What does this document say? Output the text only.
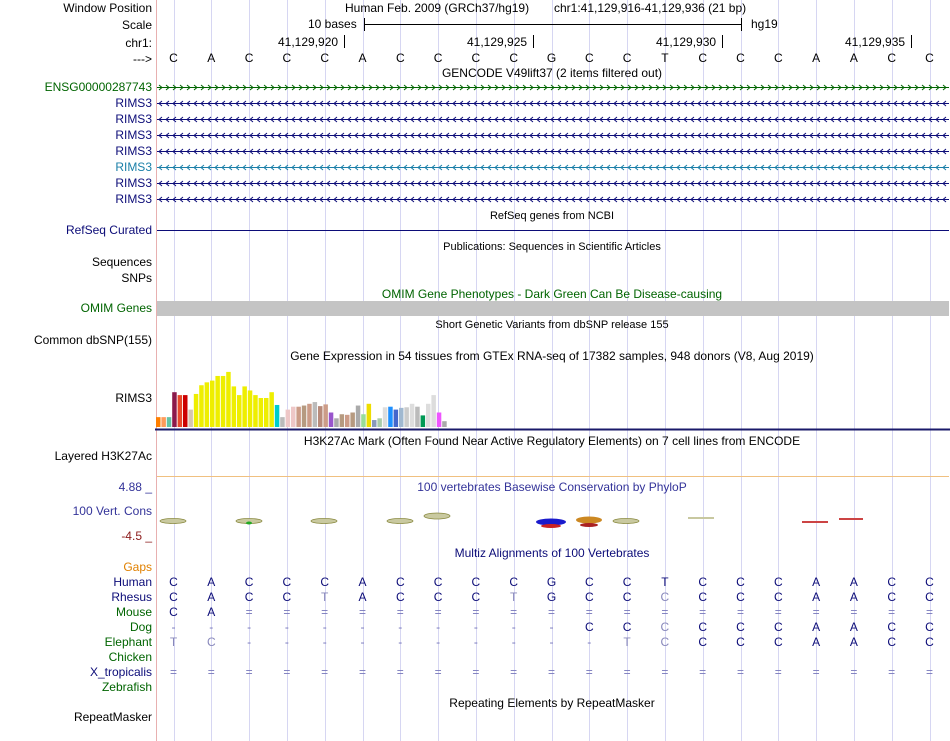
Window Position	Human Feb. 2009 (GRCh37/hg19) chr1:41,129,916-41,129,936 (21 bp)
Scale	10 bases	hg19
chr1:	41,129,920	41,129,925	41,129,930	41,129,935
--->	C	A	C	C	C	A	C	C	C	C	G	C	C	T	C	C	C	A	A	C	C
GENCODE V49lift37 (2 items filtered out)
ENSG00000287743
RIMS3
RIMS3
RIMS3
RIMS3
RIMS3
RIMS3
RIMS3
RefSeq genes from NCBI
RefSeq Curated
Publications: Sequences in Scientific Articles
Sequences
SNPs
OMIM Gene Phenotypes - Dark Green Can Be Disease-causing
OMIM Genes
Short Genetic Variants from dbSNP release 155
Common dbSNP(155)
Gene Expression in 54 tissues from GTEx RNA-seq of 17382 samples, 948 donors (V8, Aug 2019)
RIMS3
H3K27Ac Mark (Often Found Near Active Regulatory Elements) on 7 cell lines from ENCODE
Layered H3K27Ac
100 vertebrates Basewise Conservation by PhyloP
4.88 _
100 Vert. Cons
-4.5 _
Multiz Alignments of 100 Vertebrates
Gaps
Human	C	A	C	C	C	A	C	C	C	C	G	C	C	T	C	C	C	A	A	C	C
Rhesus	C	A	C	C	T	A	C	C	C	T	G	C	C	C	C	C	C	A	A	C	C
Mouse	C	A	=	=	=	=	=	=	=	=	=	=	=	=	=	=	=	=	=	=	=
Dog	-	-	-	-	-	-	-	-	-	-	-	C	C	C	C	C	C	A	A	C	C
Elephant	T	C	-	-	-	-	-	-	-	-	-	-	T	C	C	C	C	A	A	C	C
Chicken
X_tropicalis	=	=	=	=	=	=	=	=	=	=	=	=	=	=	=	=	=	=	=	=	=
Zebrafish
Repeating Elements by RepeatMasker
RepeatMasker
